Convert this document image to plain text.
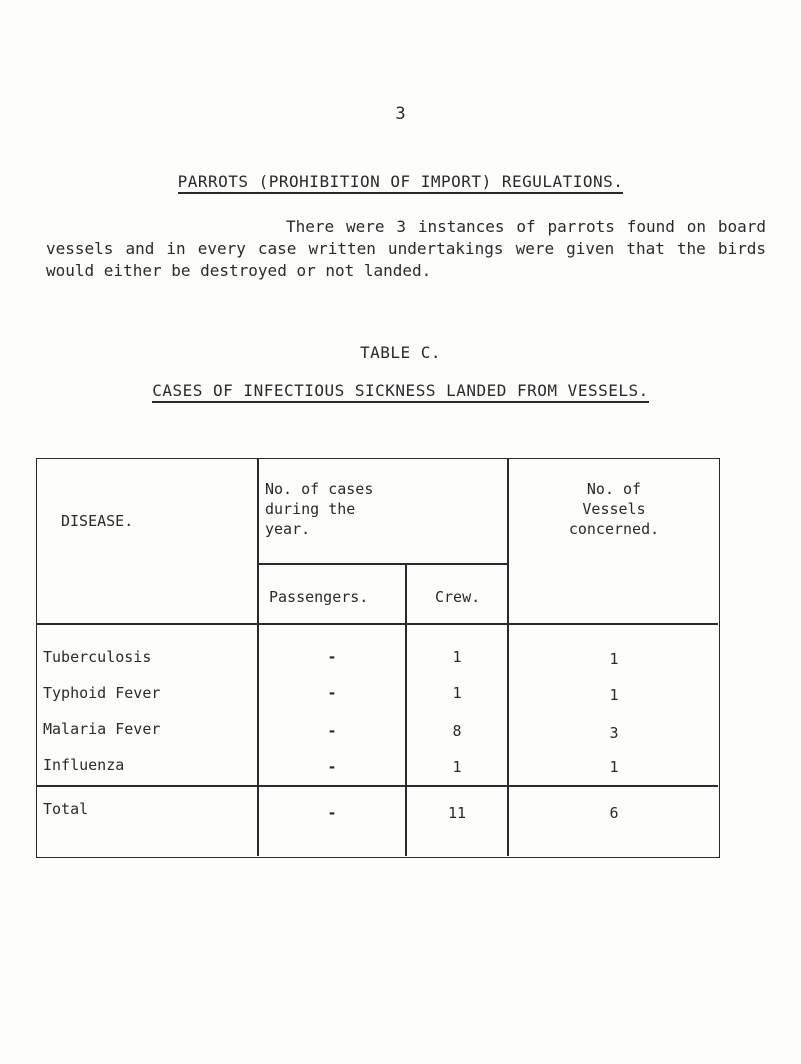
3
PARROTS (PROHIBITION OF IMPORT) REGULATIONS.
There were 3 instances of parrots found on board vessels and in every case written undertakings were given that the birds would either be destroyed or not landed.
TABLE C.
CASES OF INFECTIOUS SICKNESS LANDED FROM VESSELS.
DISEASE.
No. of cases
during the
year.
Passengers.	Crew.
No. of
Vessels
concerned.
Tuberculosis	-	1	1
Typhoid Fever	-	1	1
Malaria Fever	-	8	3
Influenza	-	1	1
Total	-	11	6
